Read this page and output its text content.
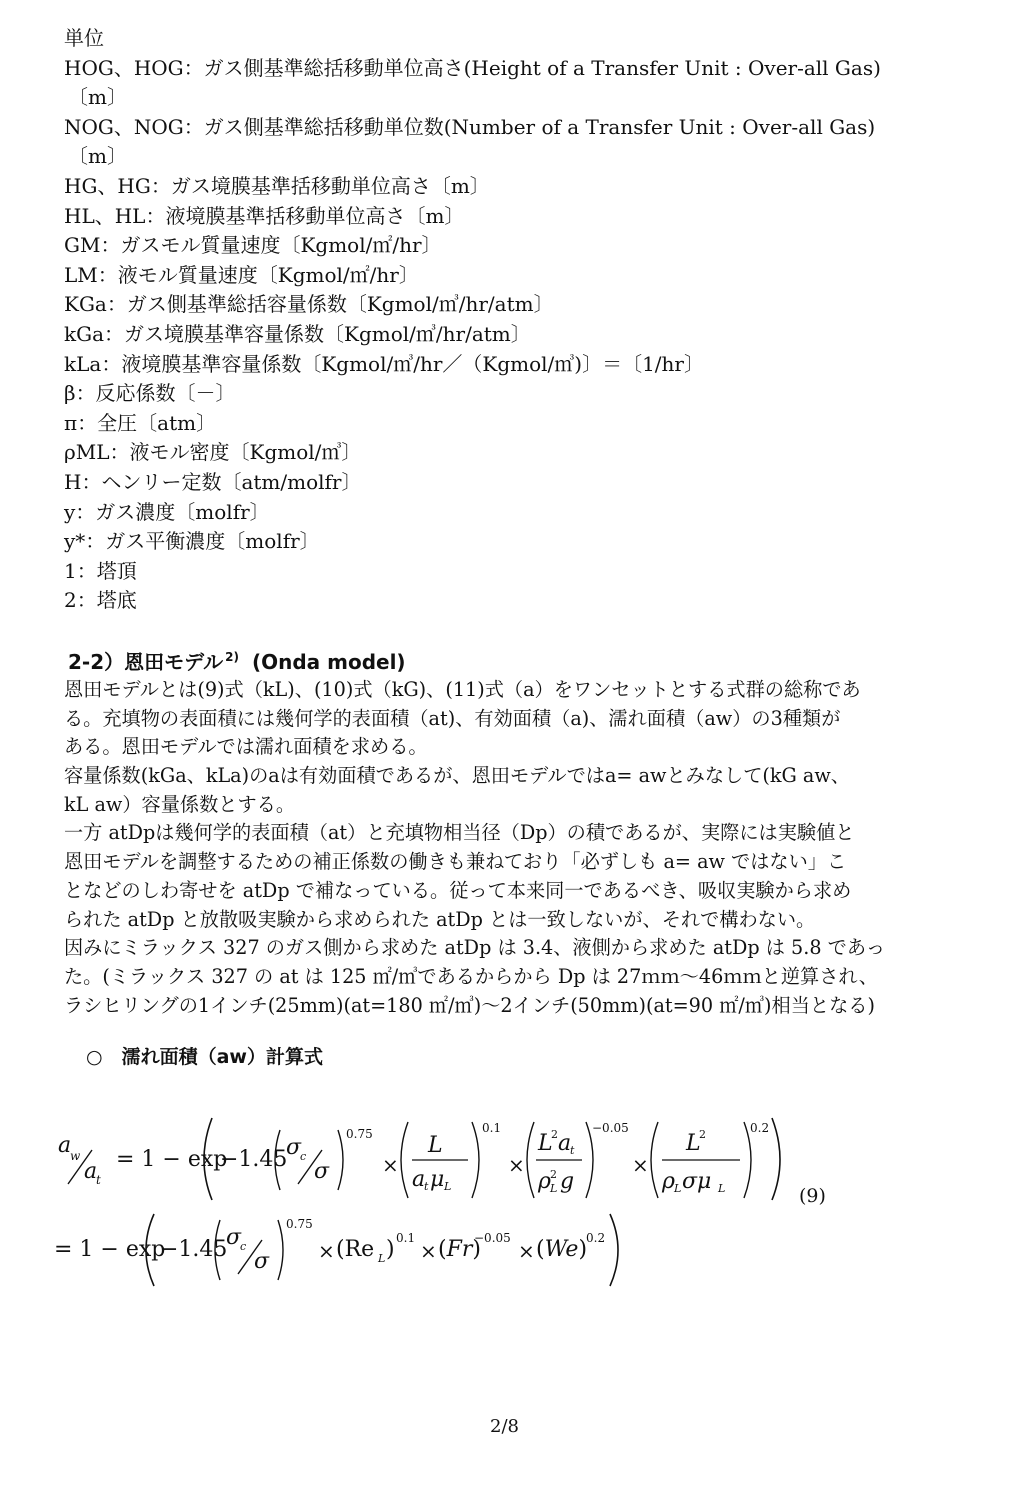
単位
HOG、HOG：ガス側基準総括移動単位高さ(Height of a Transfer Unit : Over-all Gas)
〔m〕
NOG、NOG：ガス側基準総括移動単位数(Number of a Transfer Unit : Over-all Gas)
〔m〕
HG、HG：ガス境膜基準括移動単位高さ〔m〕
HL、HL：液境膜基準括移動単位高さ〔m〕
GM：ガスモル質量速度〔Kgmol/㎡/hr〕
LM：液モル質量速度〔Kgmol/㎡/hr〕
KGa：ガス側基準総括容量係数〔Kgmol/㎥/hr/atm〕
kGa：ガス境膜基準容量係数〔Kgmol/㎥/hr/atm〕
kLa：液境膜基準容量係数〔Kgmol/㎥/hr／（Kgmol/㎥)〕＝〔1/hr〕
β：反応係数〔－〕
π：全圧〔atm〕
ρML：液モル密度〔Kgmol/㎥〕
H：ヘンリー定数〔atm/molfr〕
y：ガス濃度〔molfr〕
y*：ガス平衡濃度〔molfr〕
1：塔頂
2：塔底
2-2）恩田モデル $^{2)}$ (Onda model)
恩田モデルとは(9)式（kL)、(10)式（kG)、(11)式（a）をワンセットとする式群の総称であ
る。充填物の表面積には幾何学的表面積（at)、有効面積（a)、濡れ面積（aw）の3種類が
ある。恩田モデルでは濡れ面積を求める。
容量係数(kGa、kLa)のaは有効面積であるが、恩田モデルではa= awとみなして(kG aw、
kL aw）容量係数とする。
一方 atDpは幾何学的表面積（at）と充填物相当径（Dp）の積であるが、実際には実験値と
恩田モデルを調整するための補正係数の働きも兼ねており「必ずしも a= aw ではない」こ
となどのしわ寄せを atDp で補なっている。従って本来同一であるべき、吸収実験から求め
られた atDp と放散吸実験から求められた atDp とは一致しないが、それで構わない。
因みにミラックス 327 のガス側から求めた atDp は 3.4、液側から求めた atDp は 5.8 であっ
た。(ミラックス 327 の at は 125 ㎡/㎥であるからから Dp は 27ｍｍ～46ｍｍと逆算され、
ラシヒリングの1インチ(25mm)(at=180 ㎡/㎥)～2インチ(50mm)(at=90 ㎡/㎥)相当となる)
○　濡れ面積（aw）計算式
a
w
a
t
= 1 − exp
−1.45
σ
c
σ
0.75
×
L
a
t μ L
0.1
×
L
2 a
t
ρ L
2 g
−0.05
×
L
2
ρ L σμ L
0.2
= 1 − exp
−1.45
σ
c
σ
0.75
× (Re L ) 0.1
× (Fr)
−0.05
× (We)
0.2
(9)
2/8
